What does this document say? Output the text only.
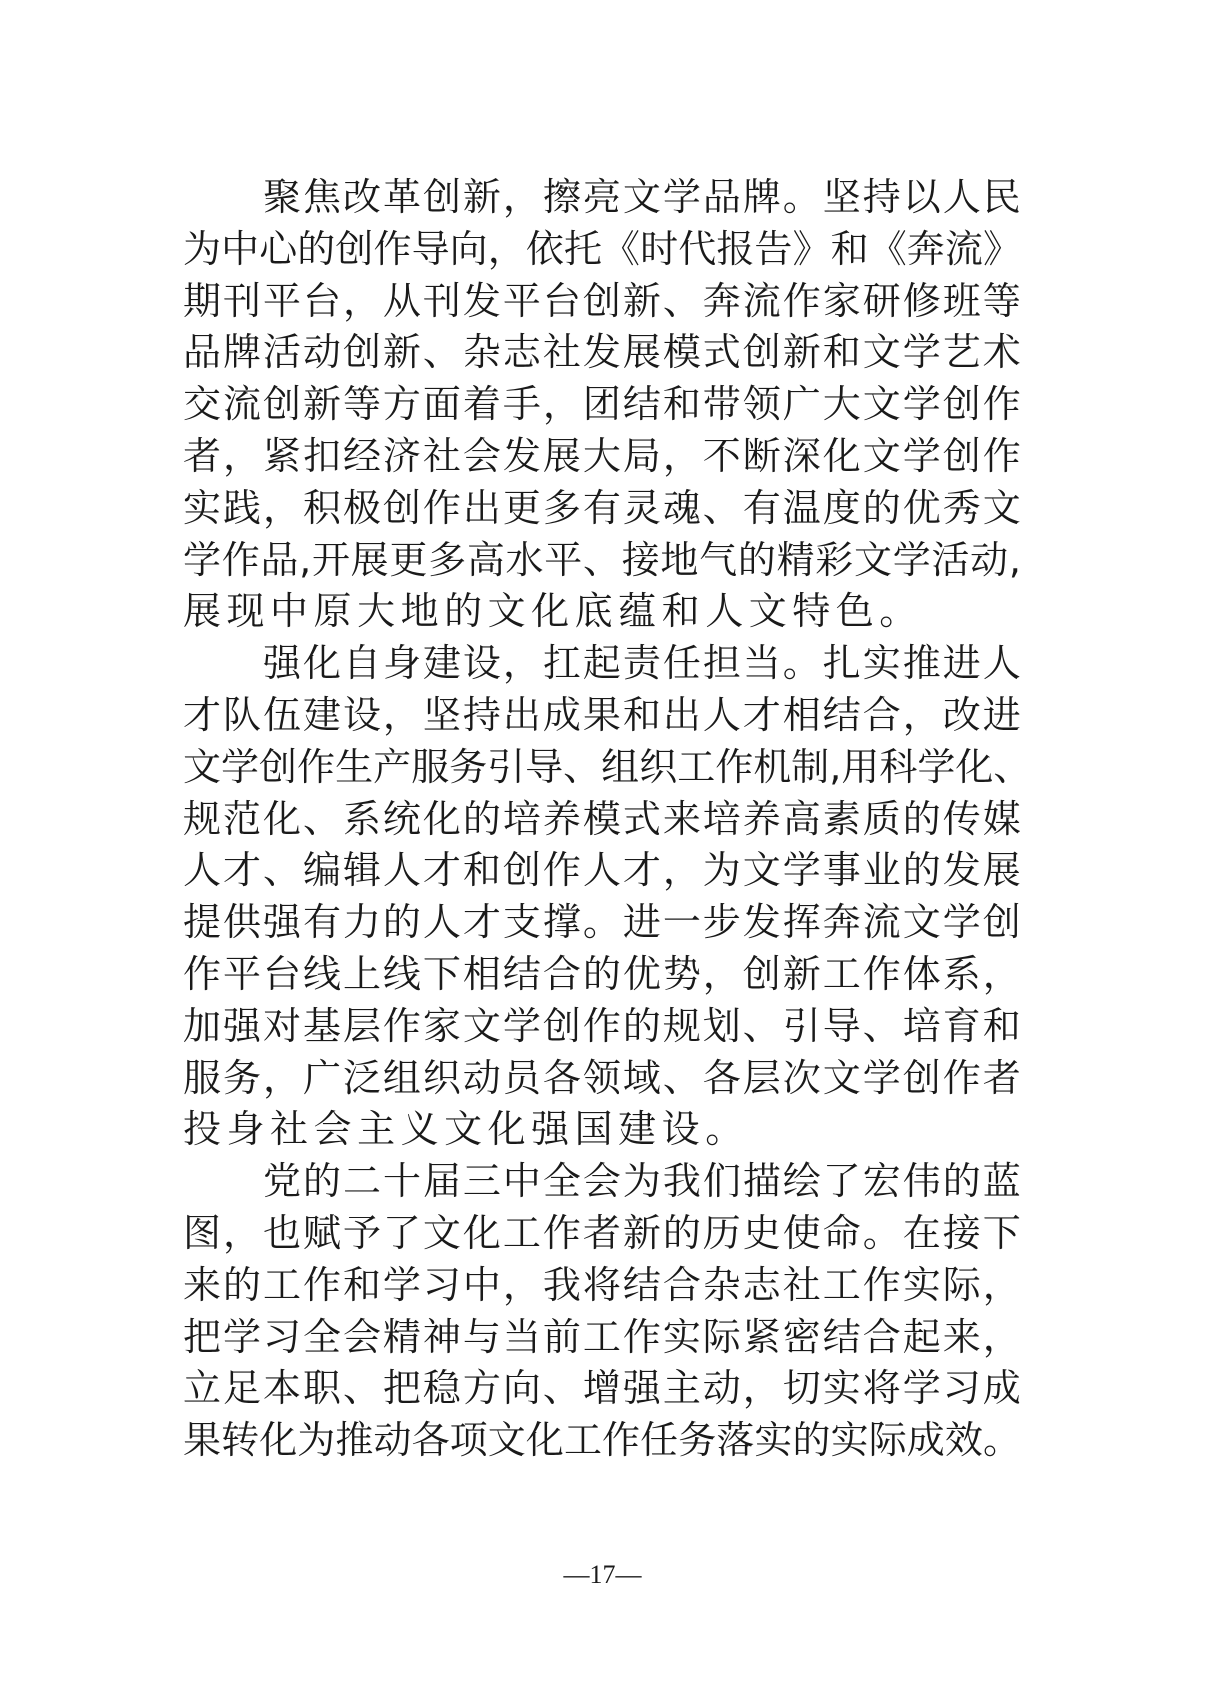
聚 焦 改 革 创 新 ， 擦 亮 文 学 品 牌 。 坚 持 以 人 民
为 中 心 的 创 作 导 向 ， 依 托 《 时 代 报 告 》 和 《 奔 流 》
期 刊 平 台 ， 从 刊 发 平 台 创 新 、 奔 流 作 家 研 修 班 等
品 牌 活 动 创 新 、 杂 志 社 发 展 模 式 创 新 和 文 学 艺 术
交 流 创 新 等 方 面 着 手 ， 团 结 和 带 领 广 大 文 学 创 作
者 ， 紧 扣 经 济 社 会 发 展 大 局 ， 不 断 深 化 文 学 创 作
实 践 ， 积 极 创 作 出 更 多 有 灵 魂 、 有 温 度 的 优 秀 文
学 作 品 , 开 展 更 多 高 水 平 、 接 地 气 的 精 彩 文 学 活 动 ,
展现中原大地的文化底蕴和人文特色。
强 化 自 身 建 设 ， 扛 起 责 任 担 当 。 扎 实 推 进 人
才 队 伍 建 设 ， 坚 持 出 成 果 和 出 人 才 相 结 合 ， 改 进
文 学 创 作 生 产 服 务 引 导 、 组 织 工 作 机 制 , 用 科 学 化 、
规 范 化 、 系 统 化 的 培 养 模 式 来 培 养 高 素 质 的 传 媒
人 才 、 编 辑 人 才 和 创 作 人 才 ， 为 文 学 事 业 的 发 展
提 供 强 有 力 的 人 才 支 撑 。 进 一 步 发 挥 奔 流 文 学 创
作 平 台 线 上 线 下 相 结 合 的 优 势 ， 创 新 工 作 体 系 ，
加 强 对 基 层 作 家 文 学 创 作 的 规 划 、 引 导 、 培 育 和
服 务 ， 广 泛 组 织 动 员 各 领 域 、 各 层 次 文 学 创 作 者
投身社会主义文化强国建设。
党 的 二 十 届 三 中 全 会 为 我 们 描 绘 了 宏 伟 的 蓝
图 ， 也 赋 予 了 文 化 工 作 者 新 的 历 史 使 命 。 在 接 下
来 的 工 作 和 学 习 中 ， 我 将 结 合 杂 志 社 工 作 实 际 ，
把 学 习 全 会 精 神 与 当 前 工 作 实 际 紧 密 结 合 起 来 ，
立 足 本 职 、 把 稳 方 向 、 增 强 主 动 ， 切 实 将 学 习 成
果 转 化 为 推 动 各 项 文 化 工 作 任 务 落 实 的 实 际 成 效 。
—17—
